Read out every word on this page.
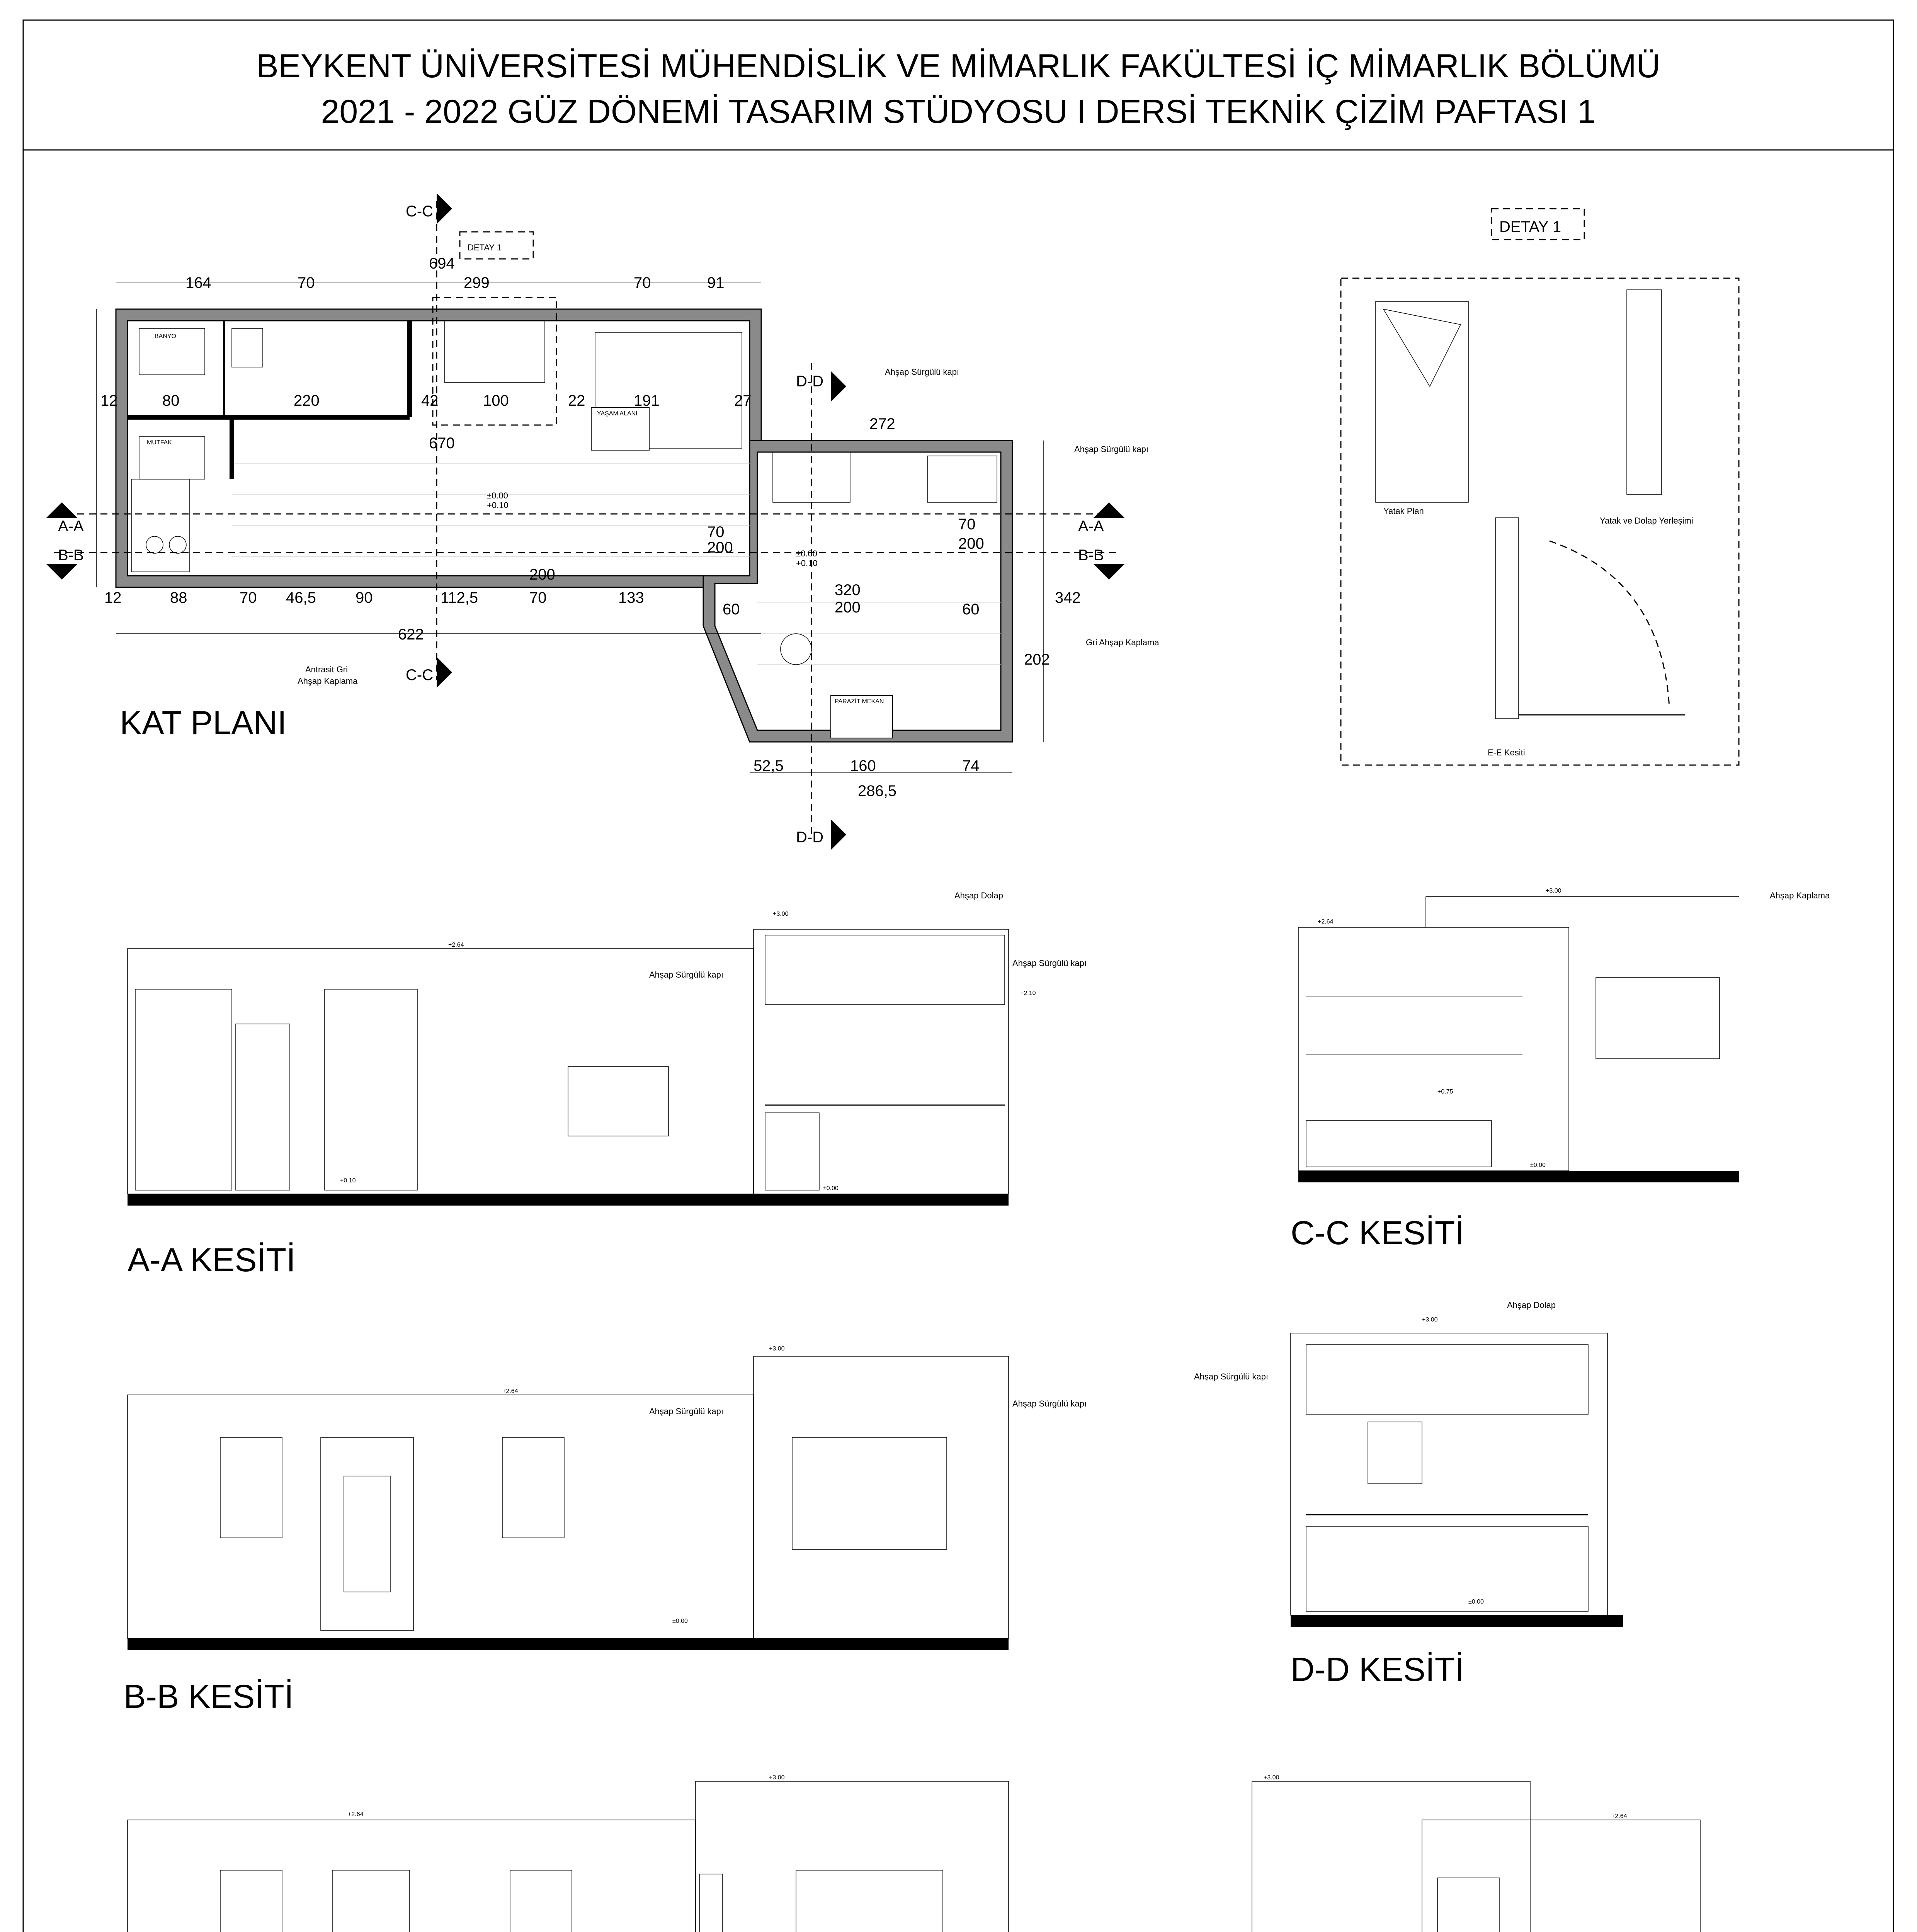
BEYKENT ÜNİVERSİTESİ MÜHENDİSLİK VE MİMARLIK FAKÜLTESİ İÇ MİMARLIK BÖLÜMÜ
2021 - 2022 GÜZ DÖNEMİ TASARIM STÜDYOSU I DERSİ TEKNİK ÇİZİM PAFTASI 1
A-A	A-A
B-B	B-B
C-C
C-C
D-D
D-D
DETAY 1
164	70	70	91
694
299
80	220	42	100	22	191	27
12
670
272
200
70
200
70
200
320
200
60	60
12	88	70 46,5	90	112,5	70	133
622
202
342
52,5	160	74
286,5
±0.00
+0.10
±0.00
+0.10
BANYO
MUTFAK
YAŞAM ALANI
PARAZİT MEKAN
Ahşap Sürgülü kapı
Ahşap Sürgülü kapı
Antrasit Gri
Ahşap Kaplama
Gri Ahşap Kaplama
KAT PLANI
DETAY 1
Yatak Plan
Yatak ve Dolap Yerleşimi
E-E Kesiti
Ahşap Dolap
Ahşap Sürgülü kapı
Ahşap Sürgülü kapı
+2.64
+3.00
+2.10
+0.10
±0.00
A-A KESİTİ
Ahşap Kaplama
+3.00
+2.64
+0.75
±0.00
C-C KESİTİ
Ahşap Sürgülü kapı
Ahşap Sürgülü kapı
+2.64
+3.00
±0.00
B-B KESİTİ
Ahşap Dolap
Ahşap Sürgülü kapı
+3.00
±0.00
D-D KESİTİ
+2.64
+3.00	+3.00
+2.64
